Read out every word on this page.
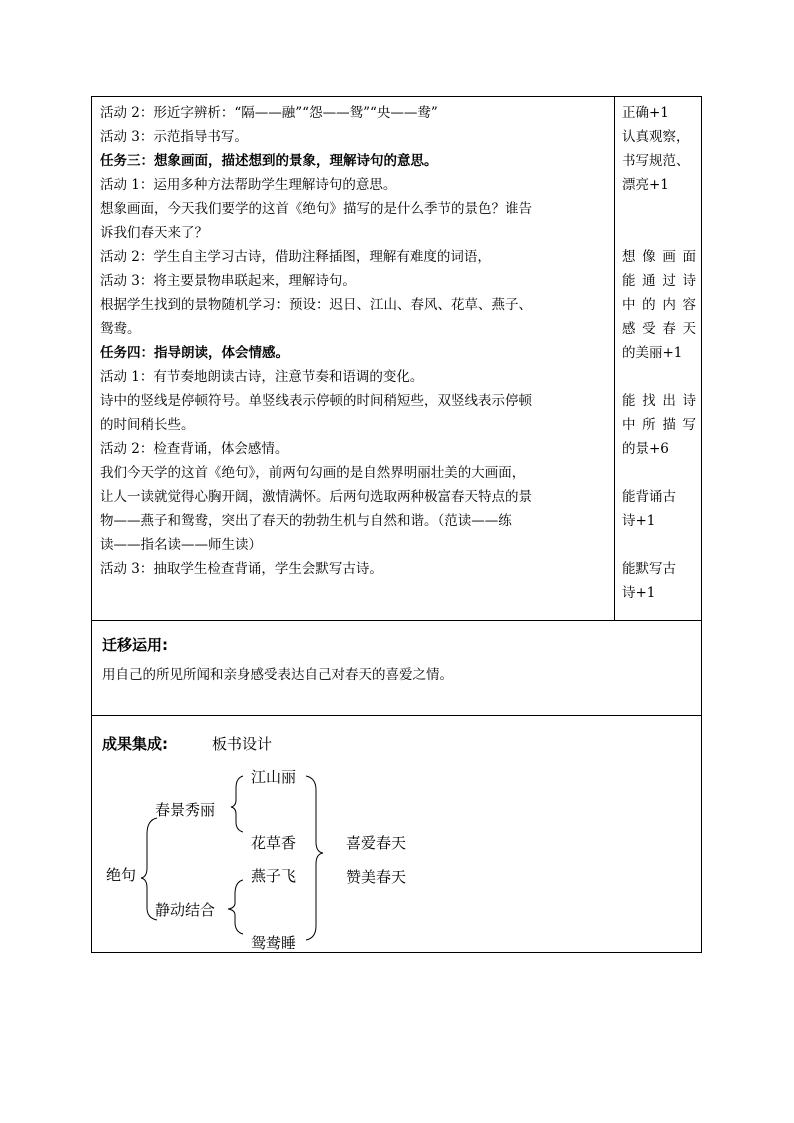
活动 2：形近字辨析：“隔——融”“怨——鸳”“央——鸯”

活动 3：示范指导书写。

任务三：想象画面，描述想到的景象，理解诗句的意思。

活动 1：运用多种方法帮助学生理解诗句的意思。

想象画面，今天我们要学的这首《绝句》描写的是什么季节的景色？谁告

诉我们春天来了？

活动 2：学生自主学习古诗，借助注释插图，理解有难度的词语，

活动 3：将主要景物串联起来，理解诗句。

根据学生找到的景物随机学习：预设：迟日、江山、春风、花草、燕子、

鸳鸯。

任务四：指导朗读，体会情感。

活动 1：有节奏地朗读古诗，注意节奏和语调的变化。

诗中的竖线是停顿符号。单竖线表示停顿的时间稍短些，双竖线表示停顿

的时间稍长些。

活动 2：检查背诵，体会感情。

我们今天学的这首《绝句》，前两句勾画的是自然界明丽壮美的大画面，

让人一读就觉得心胸开阔，激情满怀。后两句选取两种极富春天特点的景

物——燕子和鸳鸯，突出了春天的勃勃生机与自然和谐。（范读——练

读——指名读——师生读）

活动 3：抽取学生检查背诵，学生会默写古诗。

正确+1

认真观察，

书写规范、

漂亮+1

想像画面

能通过诗

中的内容

感受春天

的美丽+1

能找出诗

中所描写

的景+6

能背诵古

诗+1

能默写古

诗+1

迁移运用:
用自己的所见所闻和亲身感受表达自己对春天的喜爱之情。
成果集成:	板书设计
绝句
春景秀丽
静动结合
江山丽
花草香
燕子飞
鸳鸯睡
喜爱春天
赞美春天
